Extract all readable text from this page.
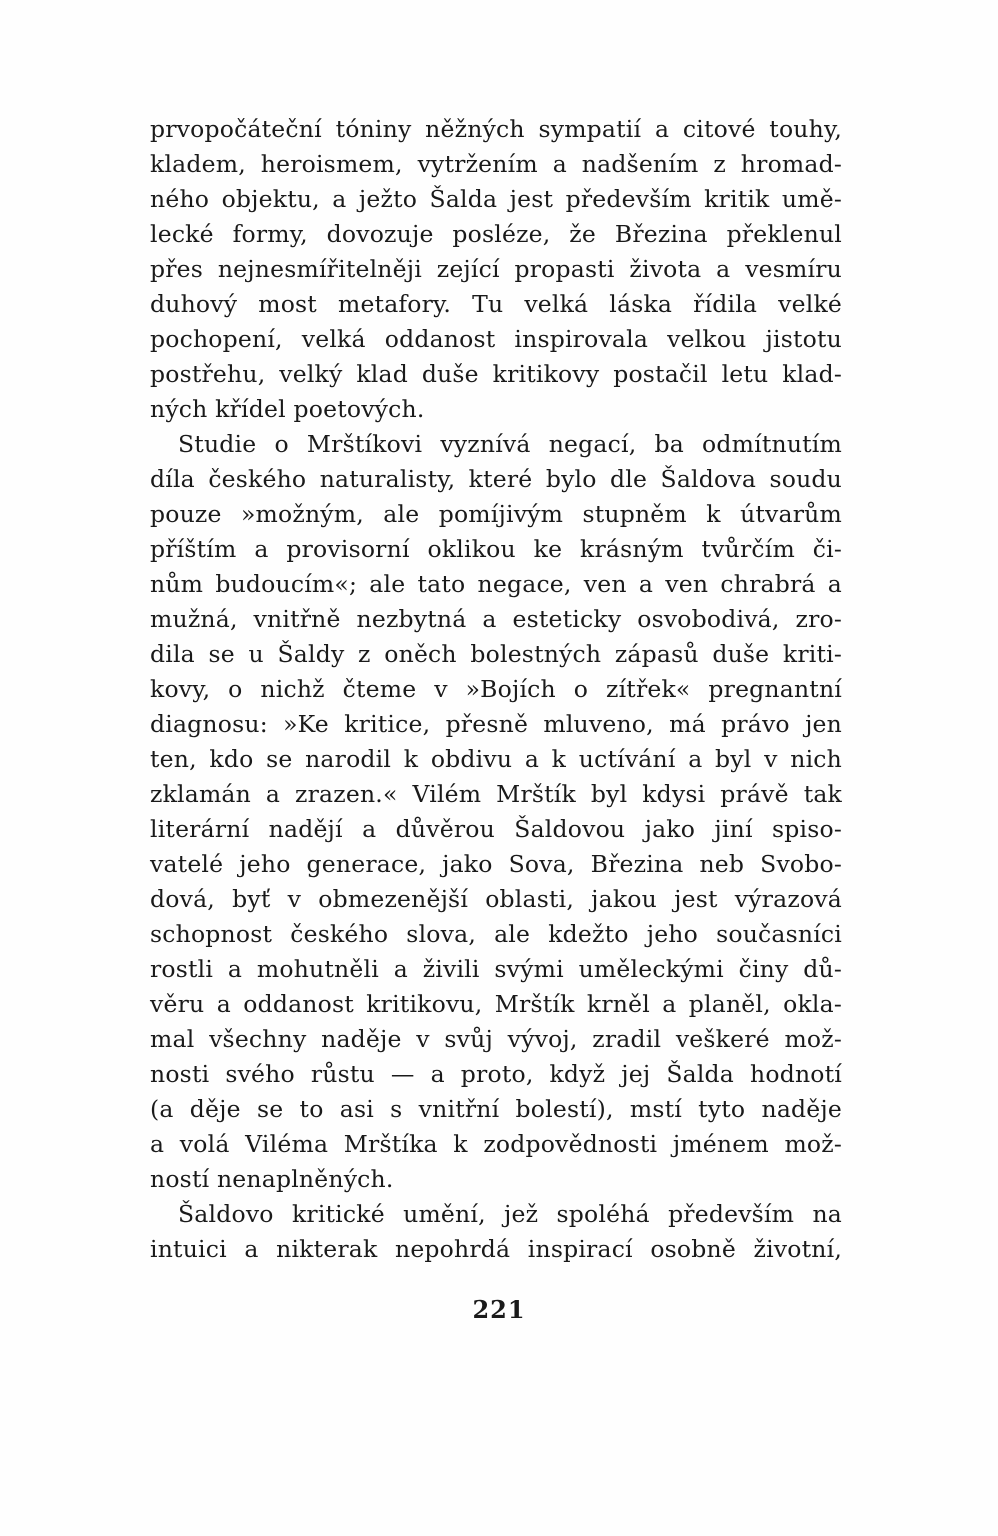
prvopočáteční tóniny něžných sympatií a citové touhy,
kladem, heroismem, vytržením a nadšením z hromad-
ného objektu, a ježto Šalda jest především kritik umě-
lecké formy, dovozuje posléze, že Březina překlenul
přes nejnesmířitelněji zející propasti života a vesmíru
duhový most metafory. Tu velká láska řídila velké
pochopení, velká oddanost inspirovala velkou jistotu
postřehu, velký klad duše kritikovy postačil letu klad-
ných křídel poetových.
Studie o Mrštíkovi vyznívá negací, ba odmítnutím
díla českého naturalisty, které bylo dle Šaldova soudu
pouze »možným, ale pomíjivým stupněm k útvarům
příštím a provisorní oklikou ke krásným tvůrčím či-
nům budoucím«; ale tato negace, ven a ven chrabrá a
mužná, vnitřně nezbytná a esteticky osvobodivá, zro-
dila se u Šaldy z oněch bolestných zápasů duše kriti-
kovy, o nichž čteme v »Bojích o zítřek« pregnantní
diagnosu: »Ke kritice, přesně mluveno, má právo jen
ten, kdo se narodil k obdivu a k uctívání a byl v nich
zklamán a zrazen.« Vilém Mrštík byl kdysi právě tak
literární nadějí a důvěrou Šaldovou jako jiní spiso-
vatelé jeho generace, jako Sova, Březina neb Svobo-
dová, byť v obmezenější oblasti, jakou jest výrazová
schopnost českého slova, ale kdežto jeho současníci
rostli a mohutněli a živili svými uměleckými činy dů-
věru a oddanost kritikovu, Mrštík krněl a planěl, okla-
mal všechny naděje v svůj vývoj, zradil veškeré mož-
nosti svého růstu — a proto, když jej Šalda hodnotí
(a děje se to asi s vnitřní bolestí), mstí tyto naděje
a volá Viléma Mrštíka k zodpovědnosti jménem mož-
ností nenaplněných.
Šaldovo kritické umění, jež spoléhá především na
intuici a nikterak nepohrdá inspirací osobně životní,
221
